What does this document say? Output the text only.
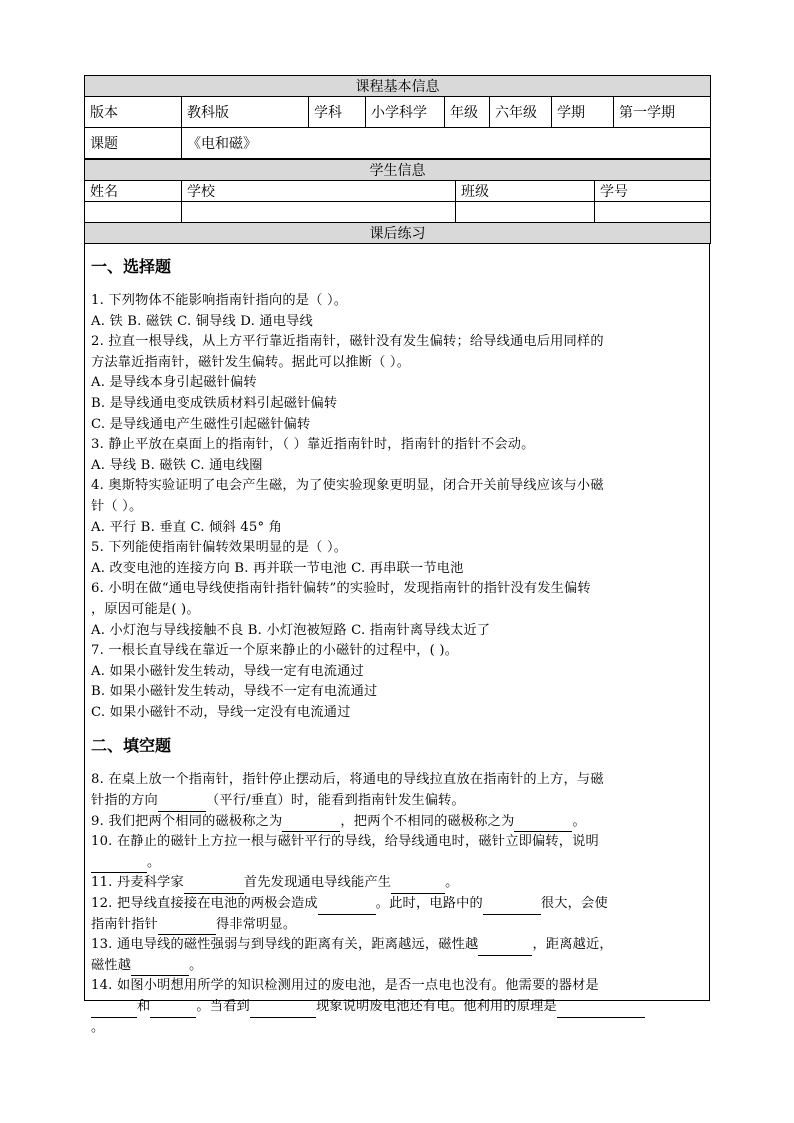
课程基本信息							
版本	教科版	学科	小学科学	年级	六年级	学期	第一学期
课题	《电和磁》						
学生信息			
姓名	学校	班级	学号

课后练习			
一、选择题
1. 下列物体不能影响指南针指向的是（ ）。
A. 铁 B. 磁铁 C. 铜导线 D. 通电导线
2. 拉直一根导线，从上方平行靠近指南针，磁针没有发生偏转；给导线通电后用同样的
方法靠近指南针，磁针发生偏转。据此可以推断（ ）。
A. 是导线本身引起磁针偏转
B. 是导线通电变成铁质材料引起磁针偏转
C. 是导线通电产生磁性引起磁针偏转
3. 静止平放在桌面上的指南针，（ ）靠近指南针时，指南针的指针不会动。
A. 导线 B. 磁铁 C. 通电线圈
4. 奥斯特实验证明了电会产生磁，为了使实验现象更明显，闭合开关前导线应该与小磁
针（ ）。
A. 平行 B. 垂直 C. 倾斜 45° 角
5. 下列能使指南针偏转效果明显的是（ ）。
A. 改变电池的连接方向 B. 再并联一节电池 C. 再串联一节电池
6. 小明在做“通电导线使指南针指针偏转”的实验时，发现指南针的指针没有发生偏转
，原因可能是( )。
A. 小灯泡与导线接触不良 B. 小灯泡被短路 C. 指南针离导线太近了
7. 一根长直导线在靠近一个原来静止的小磁针的过程中，( )。
A. 如果小磁针发生转动，导线一定有电流通过
B. 如果小磁针发生转动，导线不一定有电流通过
C. 如果小磁针不动，导线一定没有电流通过
二、填空题
8. 在桌上放一个指南针，指针停止摆动后，将通电的导线拉直放在指南针的上方，与磁
针指的方向	（平行/垂直）时，能看到指南针发生偏转。
9. 我们把两个相同的磁极称之为	，把两个不相同的磁极称之为	。
10. 在静止的磁针上方拉一根与磁针平行的导线，给导线通电时，磁针立即偏转，说明
。
11. 丹麦科学家	首先发现通电导线能产生	。
12. 把导线直接接在电池的两极会造成	。此时，电路中的	很大，会使
指南针指针	得非常明显。
13. 通电导线的磁性强弱与到导线的距离有关，距离越远，磁性越	，距离越近，
磁性越	。
14. 如图小明想用所学的知识检测用过的废电池，是否一点电也没有。他需要的器材是
和	。当看到	现象说明废电池还有电。他利用的原理是
。
